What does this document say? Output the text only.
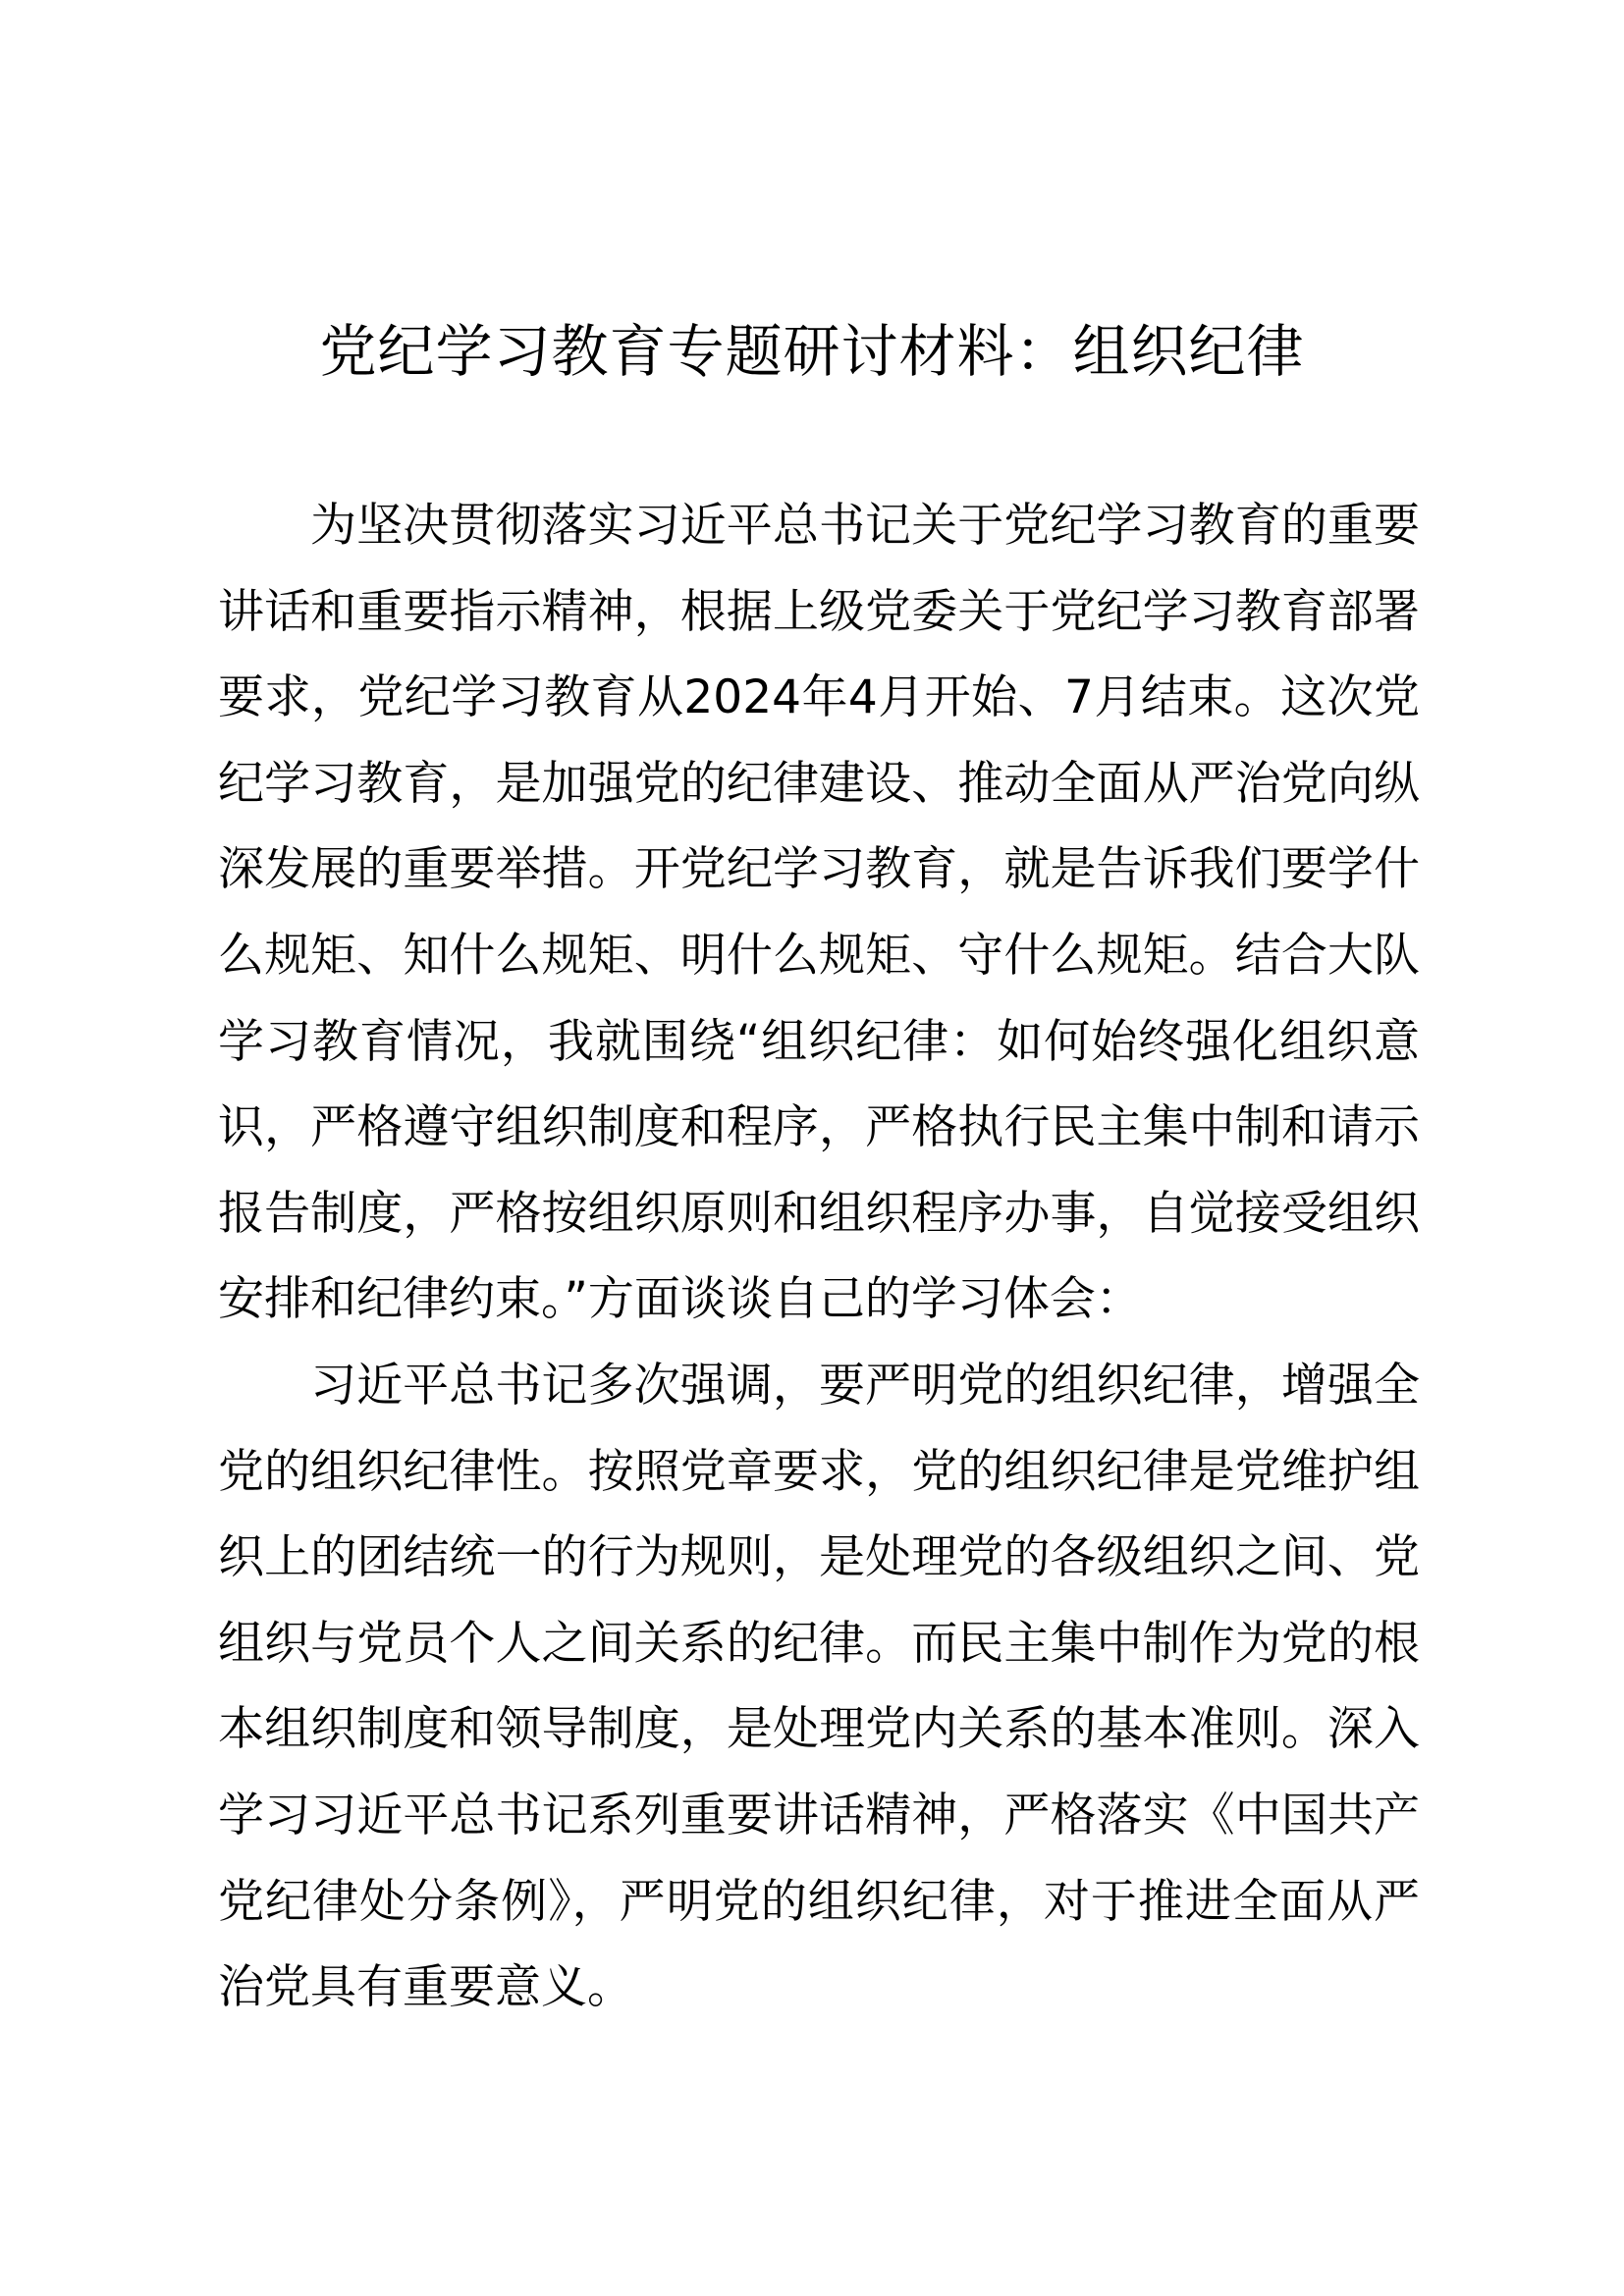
党纪学习教育专题研讨材料：组织纪律

为坚决贯彻落实习近平总书记关于党纪学习教育的重要讲话和重要指示精神，根据上级党委关于党纪学习教育部署要求，党纪学习教育从2024年4月开始、7月结束。这次党纪学习教育，是加强党的纪律建设、推动全面从严治党向纵深发展的重要举措。开党纪学习教育，就是告诉我们要学什么规矩、知什么规矩、明什么规矩、守什么规矩。结合大队学习教育情况，我就围绕“组织纪律：如何始终强化组织意识，严格遵守组织制度和程序，严格执行民主集中制和请示报告制度，严格按组织原则和组织程序办事，自觉接受组织安排和纪律约束。”方面谈谈自己的学习体会：

习近平总书记多次强调，要严明党的组织纪律，增强全党的组织纪律性。按照党章要求，党的组织纪律是党维护组织上的团结统一的行为规则，是处理党的各级组织之间、党组织与党员个人之间关系的纪律。而民主集中制作为党的根本组织制度和领导制度，是处理党内关系的基本准则。深入学习习近平总书记系列重要讲话精神，严格落实《中国共产党纪律处分条例》，严明党的组织纪律，对于推进全面从严治党具有重要意义。
